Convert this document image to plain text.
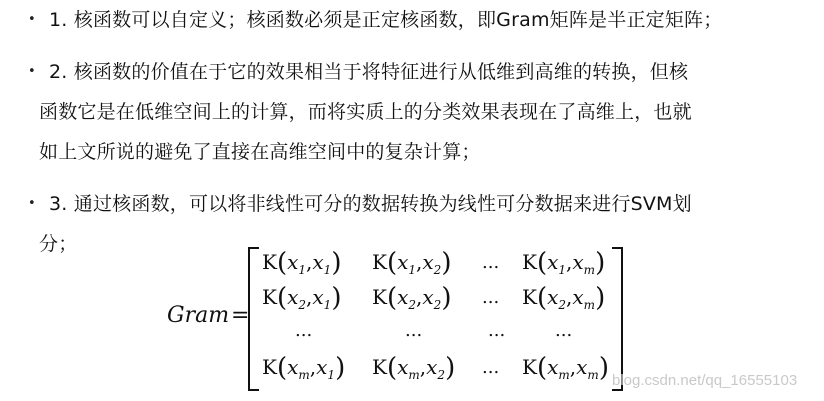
• 1. 核函数可以自定义；核函数必须是正定核函数，即Gram矩阵是半正定矩阵；
• 2. 核函数的价值在于它的效果相当于将特征进行从低维到高维的转换，但核
函数它是在低维空间上的计算，而将实质上的分类效果表现在了高维上，也就
如上文所说的避免了直接在高维空间中的复杂计算；
• 3. 通过核函数，可以将非线性可分的数据转换为线性可分数据来进行SVM划
分；
Gram =
$K(x_1,x_1)$ $K(x_1,x_2)$ ... $K(x_1,x_m)$
$K(x_2,x_1)$ $K(x_2,x_2)$ ... $K(x_2,x_m)$
...	...	...	...
$K(x_m,x_1)$ $K(x_m,x_2)$ ... $K(x_m,x_m)$ blog.csdn.net/qq_16555103
